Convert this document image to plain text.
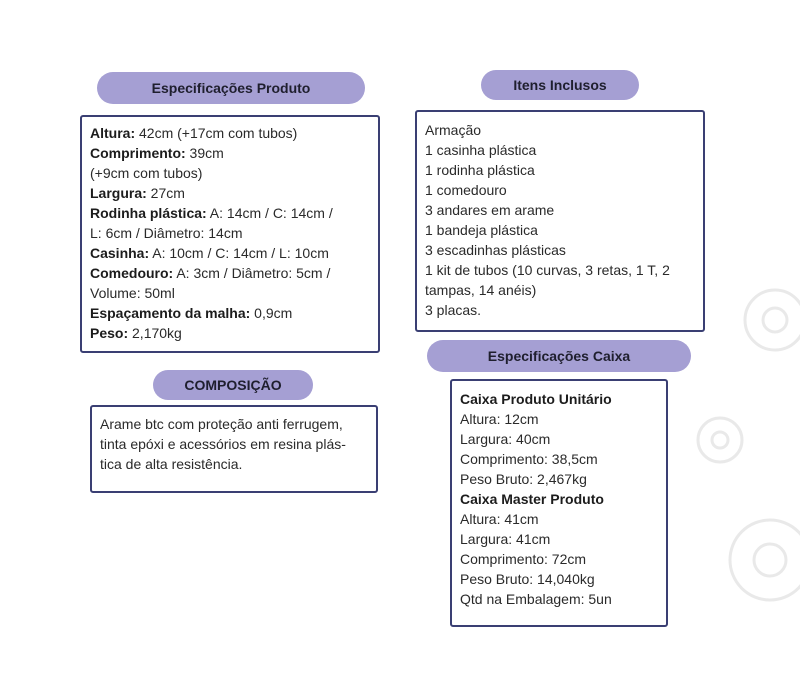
Especificações Produto
Altura: 42cm (+17cm com tubos)
Comprimento: 39cm
(+9cm com tubos)
Largura: 27cm
Rodinha plástica: A: 14cm / C: 14cm /
L: 6cm / Diâmetro: 14cm
Casinha: A: 10cm / C: 14cm / L: 10cm
Comedouro: A: 3cm / Diâmetro: 5cm /
Volume: 50ml
Espaçamento da malha: 0,9cm
Peso: 2,170kg
COMPOSIÇÃO
Arame btc com proteção anti ferrugem,
tinta epóxi e acessórios em resina plás-
tica de alta resistência.
Itens Inclusos
Armação
1 casinha plástica
1 rodinha plástica
1 comedouro
3 andares em arame
1 bandeja plástica
3 escadinhas plásticas
1 kit de tubos (10 curvas, 3 retas, 1 T, 2
tampas, 14 anéis)
3 placas.
Especificações Caixa
Caixa Produto Unitário
Altura: 12cm
Largura: 40cm
Comprimento: 38,5cm
Peso Bruto: 2,467kg
Caixa Master Produto
Altura: 41cm
Largura: 41cm
Comprimento: 72cm
Peso Bruto: 14,040kg
Qtd na Embalagem: 5un
